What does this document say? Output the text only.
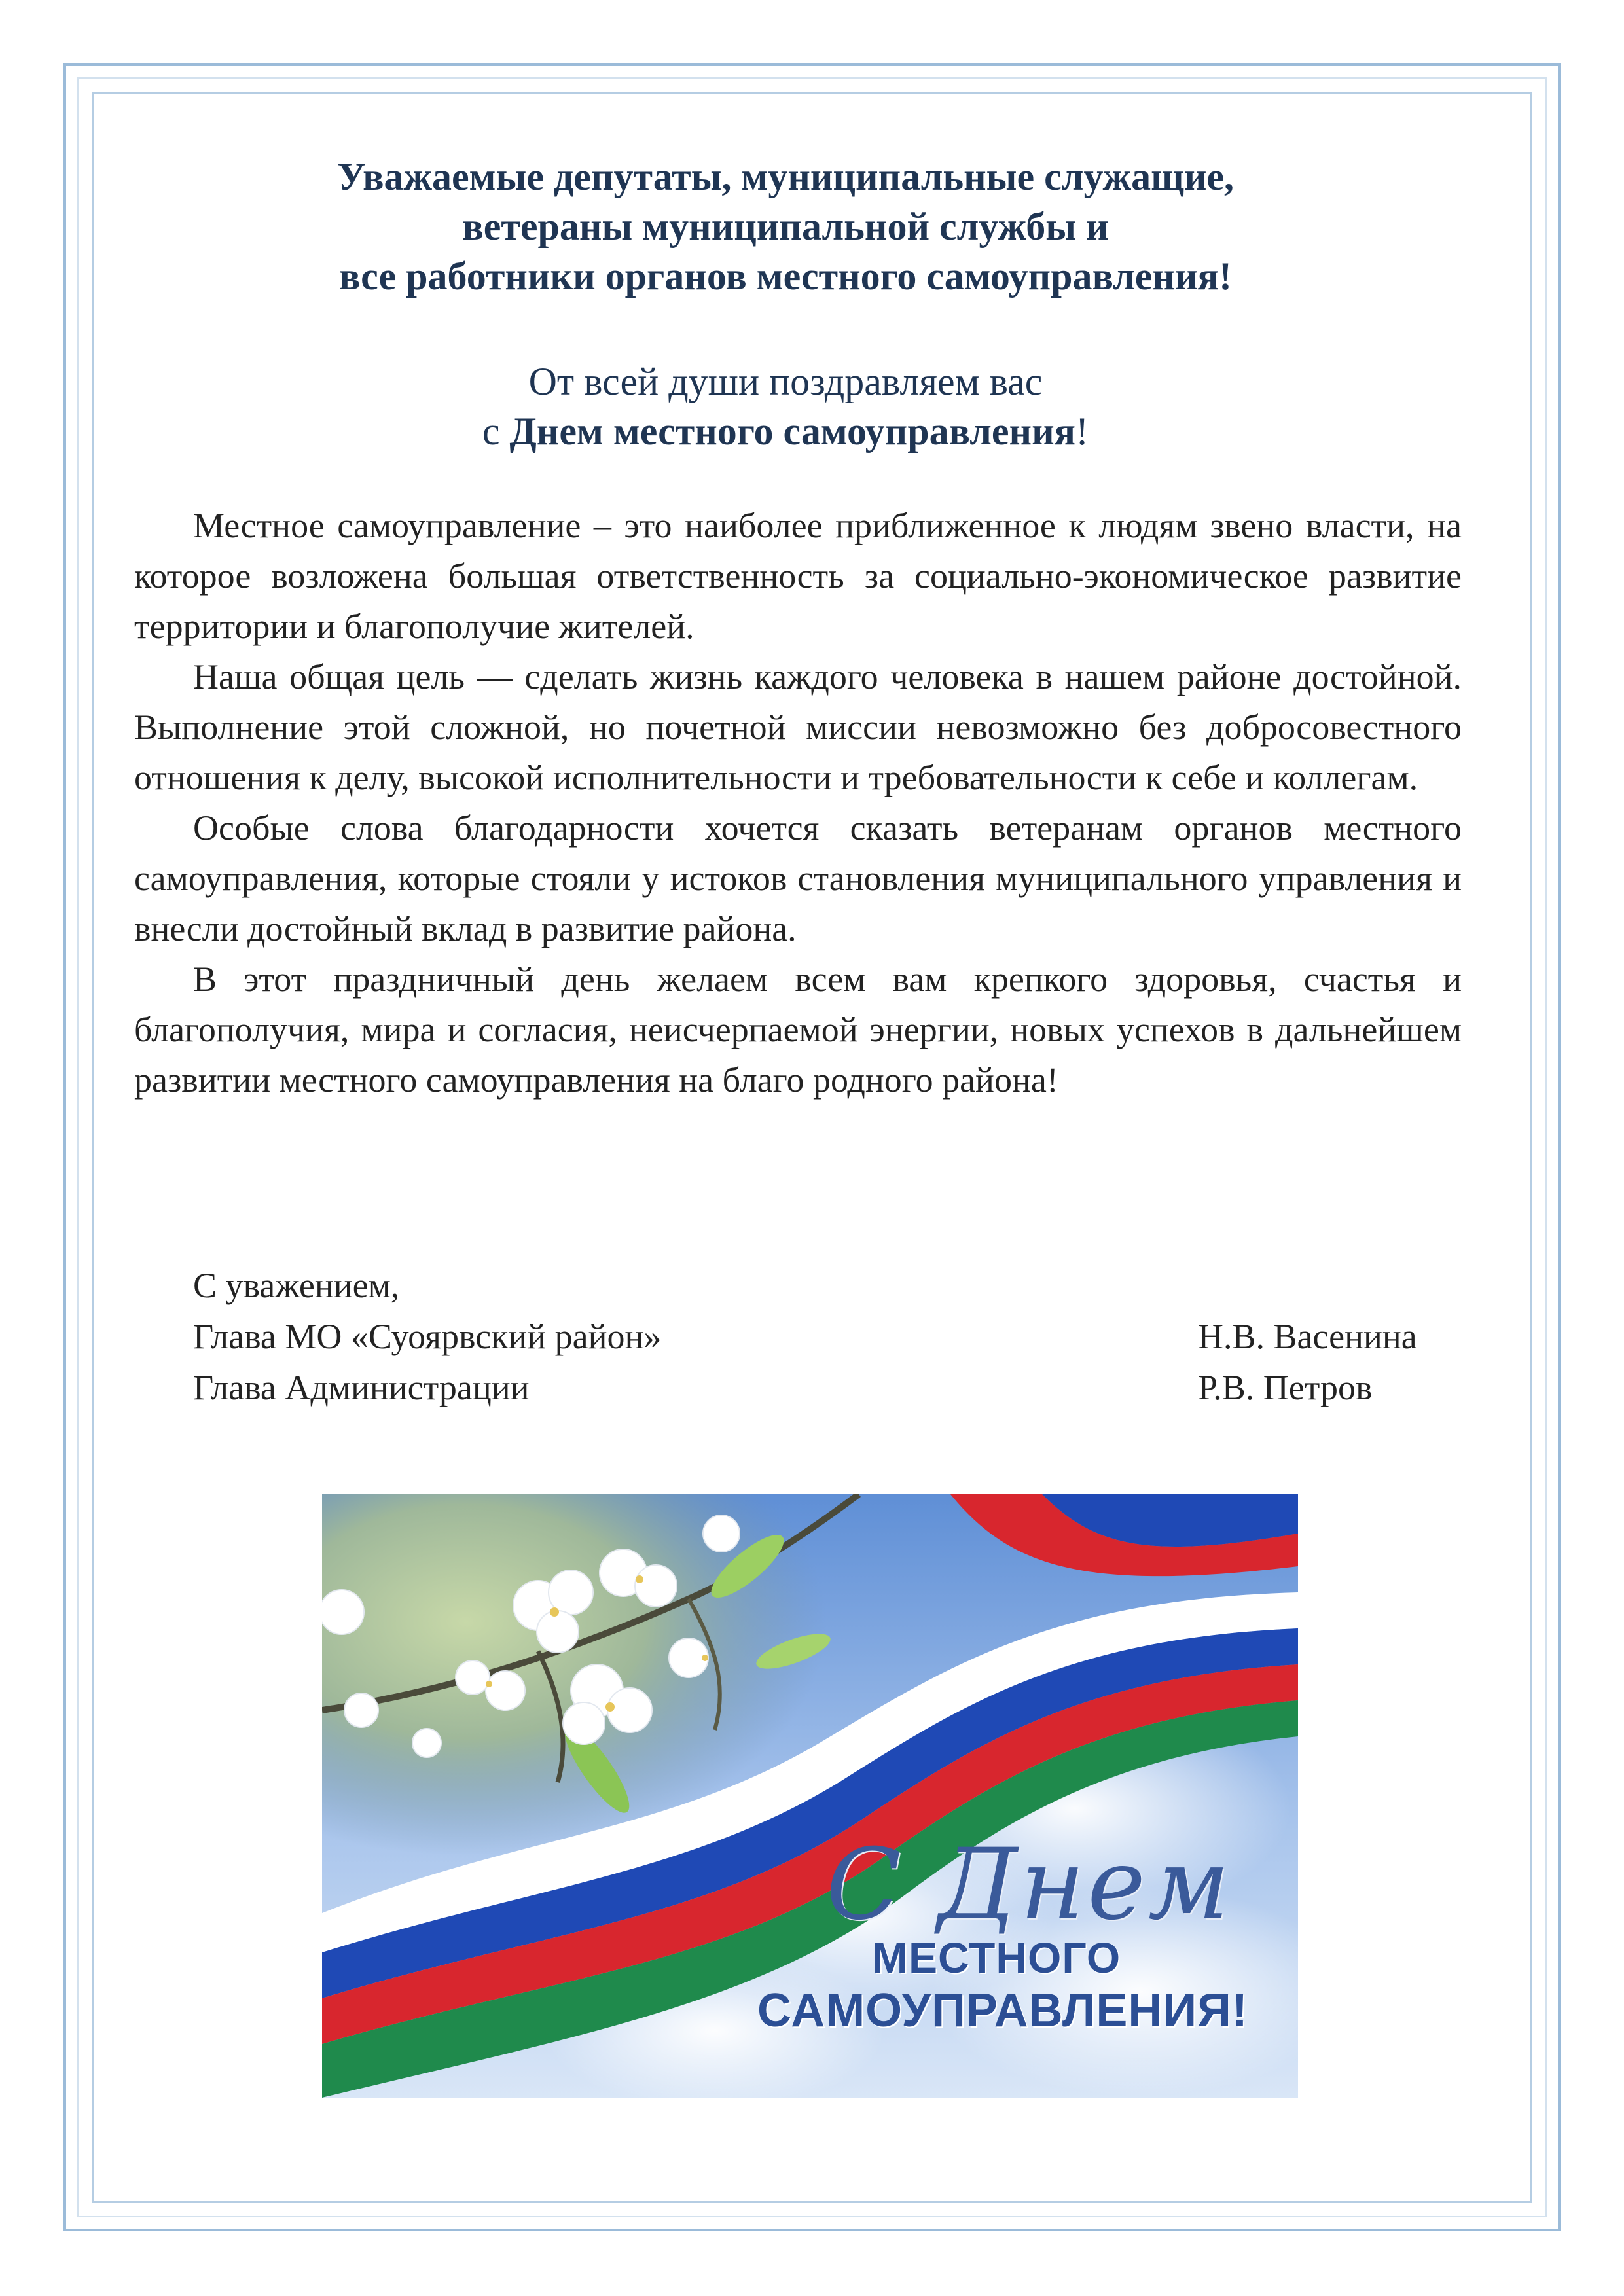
Уважаемые депутаты, муниципальные служащие,
ветераны муниципальной службы и
все работники органов местного самоуправления!
От всей души поздравляем вас
с Днем местного самоуправления!

Местное самоуправление – это наиболее приближенное к людям звено власти, на которое возложена большая ответственность за социально-экономическое развитие территории и благополучие жителей.

Наша общая цель — сделать жизнь каждого человека в нашем районе достойной. Выполнение этой сложной, но почетной миссии невозможно без добросовестного отношения к делу, высокой исполнительности и требовательности к себе и коллегам.

Особые слова благодарности хочется сказать ветеранам органов местного самоуправления, которые стояли у истоков становления муниципального управления и внесли достойный вклад в развитие района.

В этот праздничный день желаем всем вам крепкого здоровья, счастья и благополучия, мира и согласия, неисчерпаемой энергии, новых успехов в дальнейшем развитии местного самоуправления на благо родного района!

С уважением,
Глава МО «Суоярвский район»	Н.В. Васенина
Глава Администрации	Р.В. Петров
С Днем
МЕСТНОГО
САМОУПРАВЛЕНИЯ!
